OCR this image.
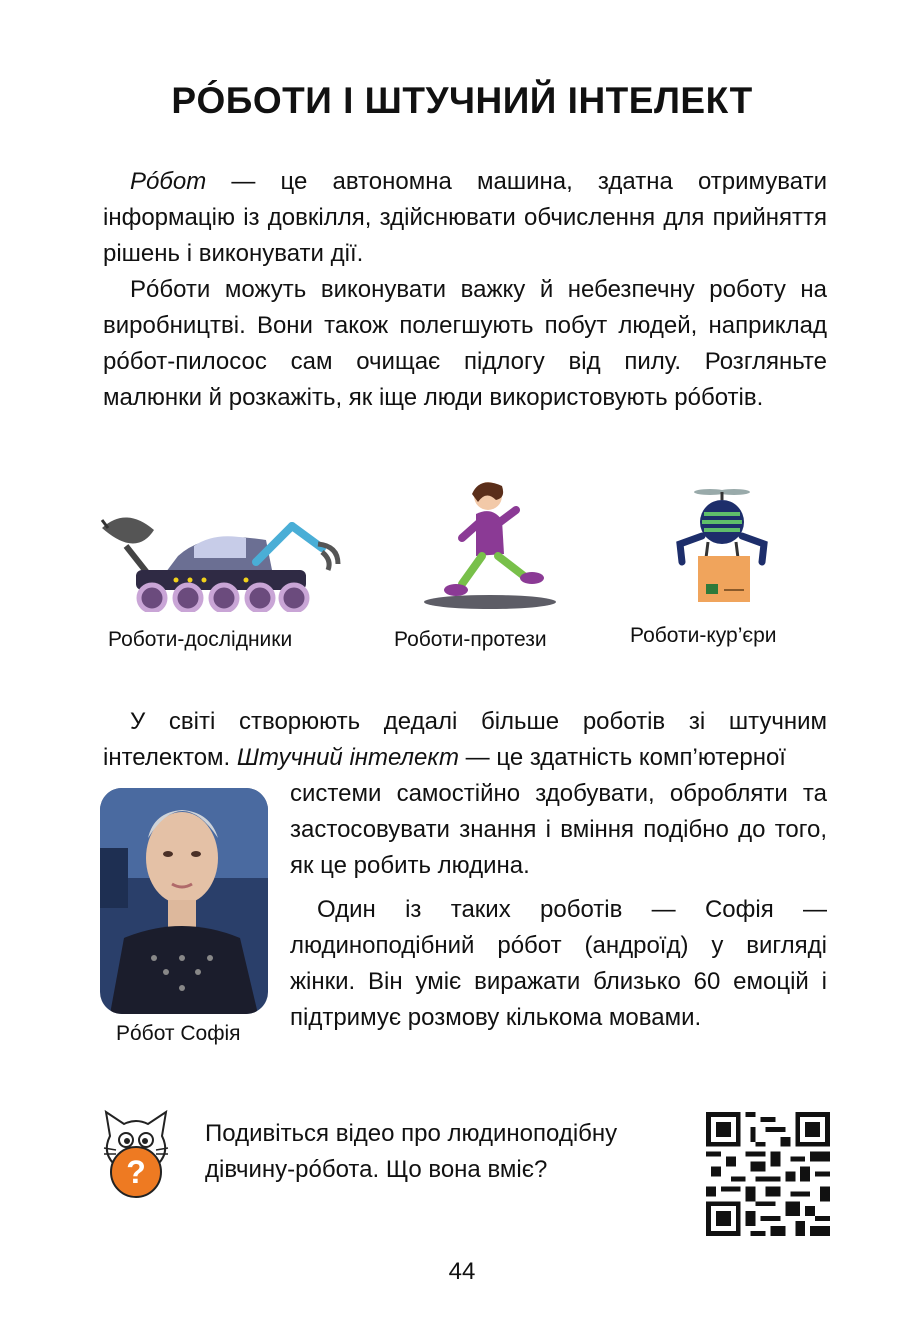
РÓБОТИ І ШТУЧНИЙ ІНТЕЛЕКТ

Рóбот — це автономна машина, здатна отримувати інформацію із довкілля, здійснювати обчислення для прийняття рішень і виконувати дії.

Рóботи можуть виконувати важку й небезпечну роботу на виробництві. Вони також полегшують побут людей, наприклад рóбот-пилосос сам очищає підлогу від пилу. Розгляньте малюнки й розкажіть, як іще люди використовують рóботів.

Роботи-дослідники	Роботи-протези	Роботи-кур’єри

У світі створюють дедалі більше роботів зі штучним інтелектом. Штучний інтелект — це здатність комп’ютерної

Рóбот Софія

системи самостійно здобувати, обробляти та застосовувати знання і вміння подібно до того, як це робить людина.

Один із таких роботів — Софія — людиноподібний рóбот (андроїд) у вигляді жінки. Він уміє виражати близько 60 емоцій і підтримує розмову кількома мовами.

?

Подивіться відео про людиноподібну дівчину-рóбота. Що вона вміє?

44
